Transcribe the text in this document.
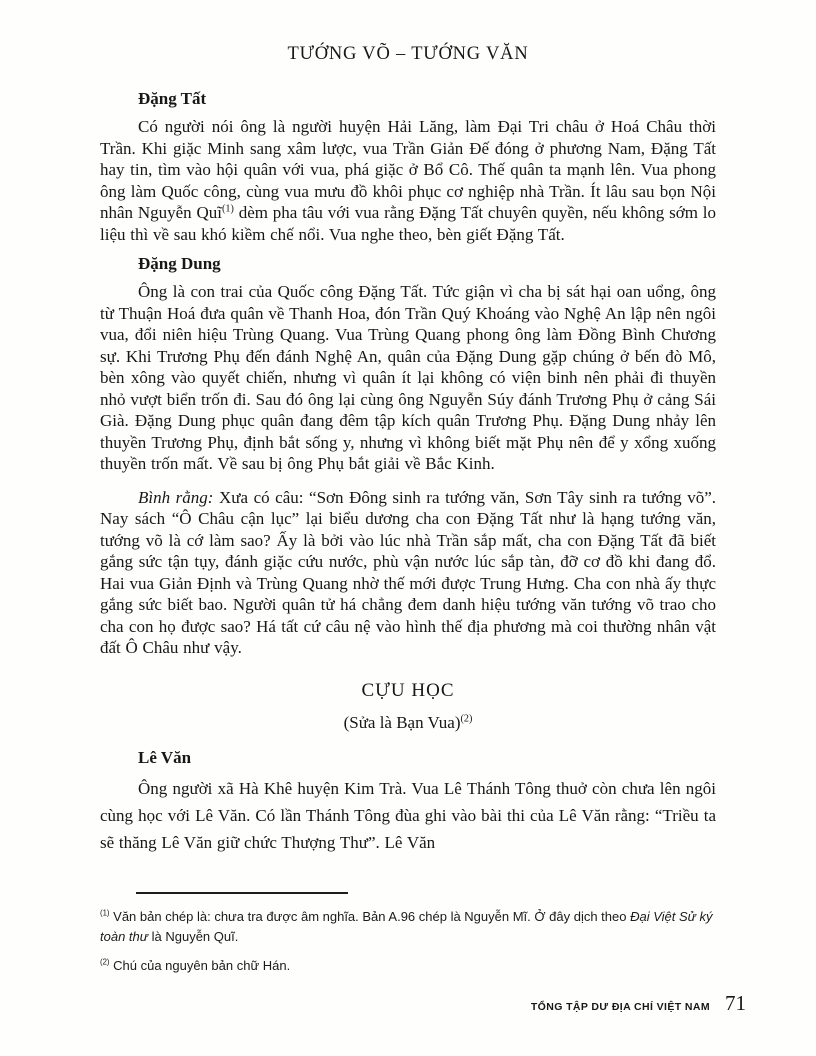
TƯỚNG VÕ – TƯỚNG VĂN
Đặng Tất

Có người nói ông là người huyện Hải Lăng, làm Đại Tri châu ở Hoá Châu thời Trần. Khi giặc Minh sang xâm lược, vua Trần Giản Đế đóng ở phương Nam, Đặng Tất hay tin, tìm vào hội quân với vua, phá giặc ở Bổ Cô. Thế quân ta mạnh lên. Vua phong ông làm Quốc công, cùng vua mưu đồ khôi phục cơ nghiệp nhà Trần. Ít lâu sau bọn Nội nhân Nguyễn Quĩ$^{(1)}$ dèm pha tâu với vua rằng Đặng Tất chuyên quyền, nếu không sớm lo liệu thì về sau khó kiềm chế nổi. Vua nghe theo, bèn giết Đặng Tất.

Đặng Dung

Ông là con trai của Quốc công Đặng Tất. Tức giận vì cha bị sát hại oan uổng, ông từ Thuận Hoá đưa quân về Thanh Hoa, đón Trần Quý Khoáng vào Nghệ An lập nên ngôi vua, đổi niên hiệu Trùng Quang. Vua Trùng Quang phong ông làm Đồng Bình Chương sự. Khi Trương Phụ đến đánh Nghệ An, quân của Đặng Dung gặp chúng ở bến đò Mô, bèn xông vào quyết chiến, nhưng vì quân ít lại không có viện binh nên phải đi thuyền nhỏ vượt biển trốn đi. Sau đó ông lại cùng ông Nguyễn Súy đánh Trương Phụ ở cảng Sái Già. Đặng Dung phục quân đang đêm tập kích quân Trương Phụ. Đặng Dung nhảy lên thuyền Trương Phụ, định bắt sống y, nhưng vì không biết mặt Phụ nên để y xổng xuống thuyền trốn mất. Về sau bị ông Phụ bắt giải về Bắc Kinh.

Bình rằng: Xưa có câu: “Sơn Đông sinh ra tướng văn, Sơn Tây sinh ra tướng võ”. Nay sách “Ô Châu cận lục” lại biểu dương cha con Đặng Tất như là hạng tướng văn, tướng võ là cớ làm sao? Ấy là bởi vào lúc nhà Trần sắp mất, cha con Đặng Tất đã biết gắng sức tận tụy, đánh giặc cứu nước, phù vận nước lúc sắp tàn, đỡ cơ đồ khi đang đổ. Hai vua Giản Định và Trùng Quang nhờ thế mới được Trung Hưng. Cha con nhà ấy thực gắng sức biết bao. Người quân tử há chẳng đem danh hiệu tướng văn tướng võ trao cho cha con họ được sao? Há tất cứ câu nệ vào hình thế địa phương mà coi thường nhân vật đất Ô Châu như vậy.

CỰU HỌC
(Sửa là Bạn Vua)$^{(2)}$
Lê Văn

Ông người xã Hà Khê huyện Kim Trà. Vua Lê Thánh Tông thuở còn chưa lên ngôi cùng học với Lê Văn. Có lần Thánh Tông đùa ghi vào bài thi của Lê Văn rằng: “Triều ta sẽ thăng Lê Văn giữ chức Thượng Thư”. Lê Văn

$^{(1)}$ Văn bản chép là: chưa tra được âm nghĩa. Bản A.96 chép là Nguyễn Mĩ. Ở đây dịch theo Đại Việt Sử ký toàn thư là Nguyễn Quĩ.

$^{(2)}$ Chú của nguyên bản chữ Hán.

TỔNG TẬP DƯ ĐỊA CHÍ VIỆT NAM 71
